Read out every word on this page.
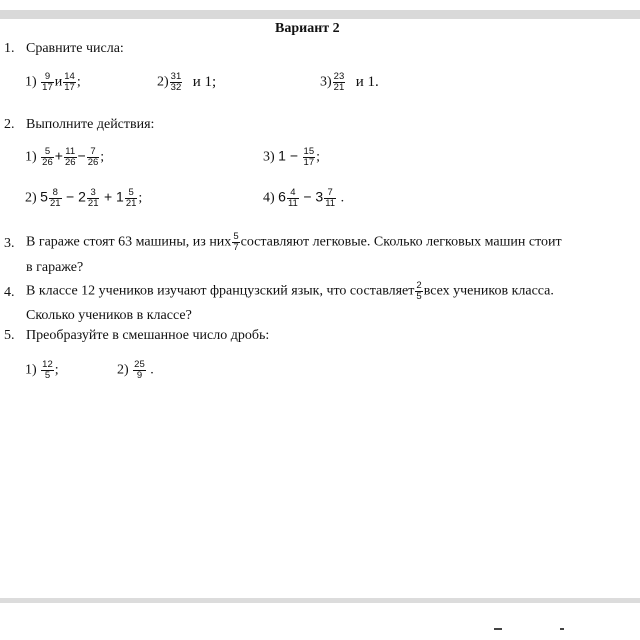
Вариант 2
1. Сравните числа:
$1) \frac{9}{17}$ и $\frac{14}{17}$ ;	$2) \frac{31}{32}$ и 1;	$3) \frac{23}{21}$ и 1.
2. Выполните действия:
$1) \frac{5}{26} + \frac{11}{26} - \frac{7}{26}$ ;	3) $1 - \frac{15}{17}$ ;
2) $5 \frac{8}{21} - 2 \frac{3}{21} + 1 \frac{5}{21}$ ;	4) $6 \frac{4}{11} - 3 \frac{7}{11}$ .
3. В гараже стоят 63 машины, из них $\frac{5}{7}$ составляют легковые. Сколько легковых машин стоит
в гараже?
4. В классе 12 учеников изучают французский язык, что составляет $\frac{2}{5}$ всех учеников класса.
Сколько учеников в классе?
5. Преобразуйте в смешанное число дробь:
$1) \frac{12}{5}$ ;	$2) \frac{25}{9}$ .
